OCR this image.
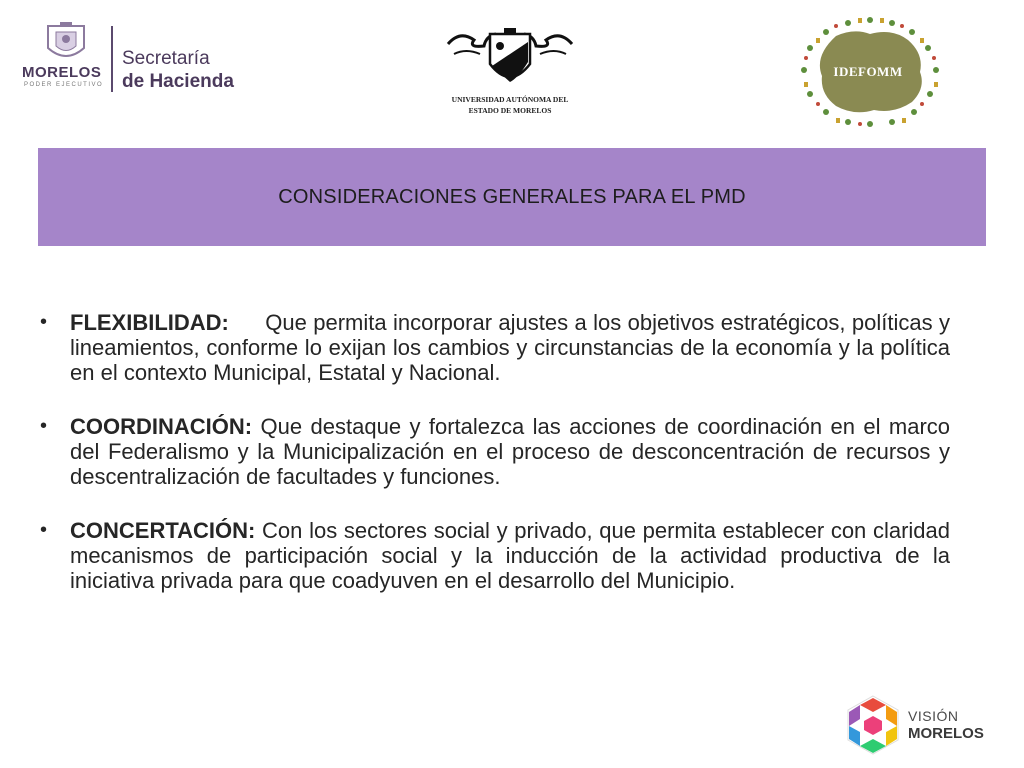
MORELOS
PODER EJECUTIVO
Secretaría
de Hacienda
UNIVERSIDAD AUTÓNOMA DEL
ESTADO DE MORELOS
IDEFOMM
CONSIDERACIONES GENERALES PARA EL PMD
• FLEXIBILIDAD: Que permita incorporar ajustes a los objetivos estratégicos, políticas y lineamientos, conforme lo exijan los cambios y circunstancias de la economía y la política en el contexto Municipal, Estatal y Nacional.
• COORDINACIÓN: Que destaque y fortalezca las acciones de coordinación en el marco del Federalismo y la Municipalización en el proceso de desconcentración de recursos y descentralización de facultades y funciones.
• CONCERTACIÓN: Con los sectores social y privado, que permita establecer con claridad mecanismos de participación social y la inducción de la actividad productiva de la iniciativa privada para que coadyuven en el desarrollo del Municipio.
VISIÓN
MORELOS
